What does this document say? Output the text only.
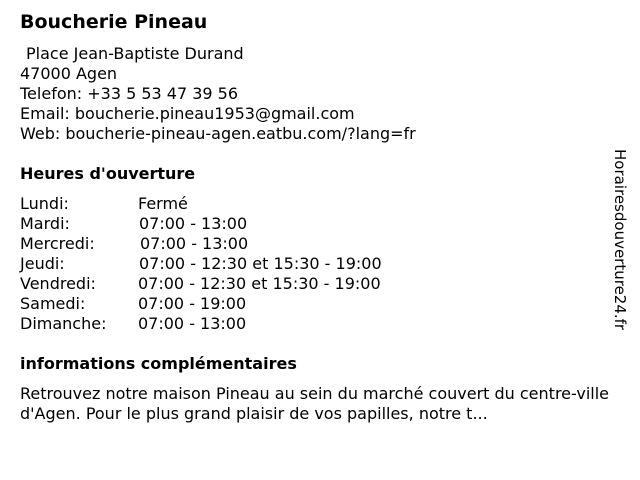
Boucherie Pineau
Place Jean-Baptiste Durand
47000 Agen
Telefon: +33 5 53 47 39 56
Email: boucherie.pineau1953@gmail.com
Web: boucherie-pineau-agen.eatbu.com/?lang=fr
Heures d'ouverture
Lundi:	Fermé
Mardi:	07:00 - 13:00
Mercredi:	07:00 - 13:00
Jeudi:	07:00 - 12:30 et 15:30 - 19:00
Vendredi:	07:00 - 12:30 et 15:30 - 19:00
Samedi:	07:00 - 19:00
Dimanche: 07:00 - 13:00
informations complémentaires

Retrouvez notre maison Pineau au sein du marché couvert du centre-ville d'Agen. Pour le plus grand plaisir de vos papilles, notre t...

Horairesdouverture24.fr
